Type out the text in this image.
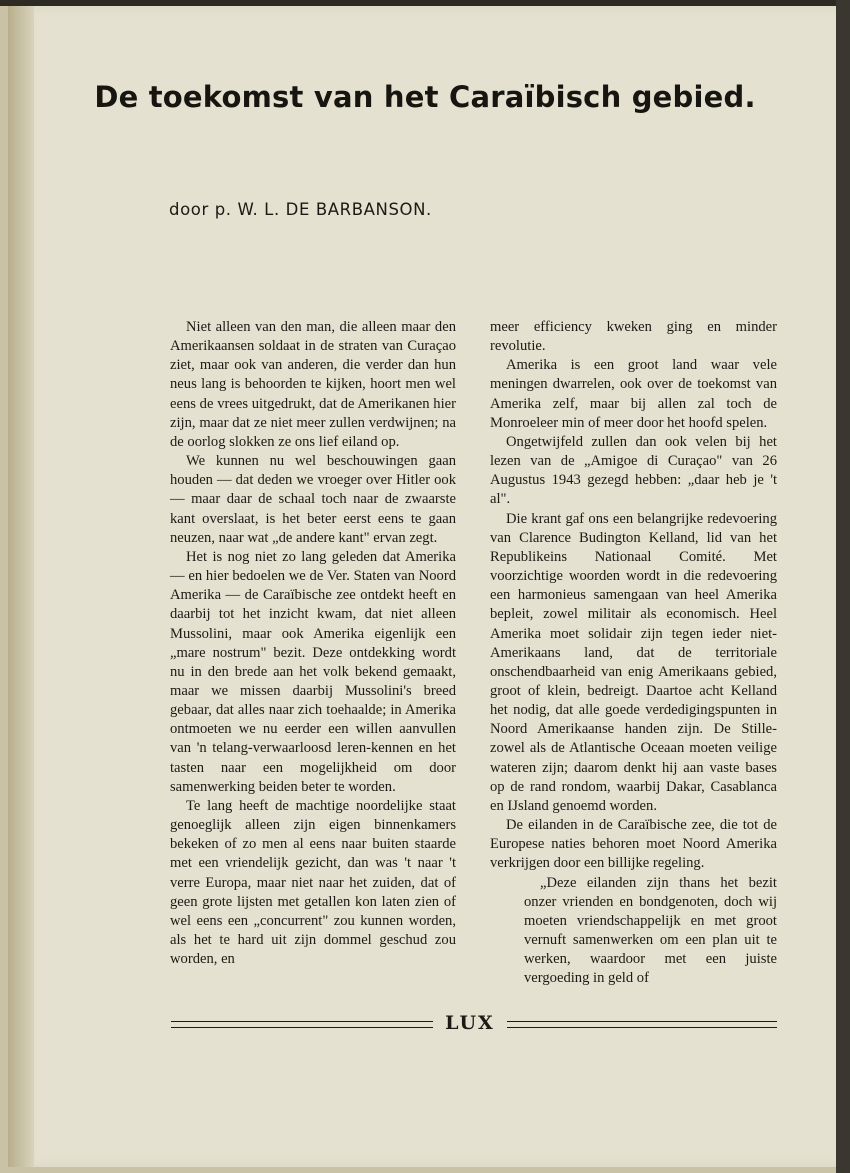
De toekomst van het Caraïbisch gebied.

door p. W. L. DE BARBANSON.

Niet alleen van den man, die alleen maar den Amerikaansen soldaat in de straten van Curaçao ziet, maar ook van anderen, die verder dan hun neus lang is behoorden te kijken, hoort men wel eens de vrees uitgedrukt, dat de Amerikanen hier zijn, maar dat ze niet meer zullen verdwijnen; na de oorlog slokken ze ons lief eiland op.

We kunnen nu wel beschouwingen gaan houden — dat deden we vroeger over Hitler ook — maar daar de schaal toch naar de zwaarste kant overslaat, is het beter eerst eens te gaan neuzen, naar wat „de andere kant" ervan zegt.

Het is nog niet zo lang geleden dat Amerika — en hier bedoelen we de Ver. Staten van Noord Amerika — de Caraïbische zee ontdekt heeft en daarbij tot het inzicht kwam, dat niet alleen Mussolini, maar ook Amerika eigenlijk een „mare nostrum" bezit. Deze ontdekking wordt nu in den brede aan het volk bekend gemaakt, maar we missen daarbij Mussolini's breed gebaar, dat alles naar zich toehaalde; in Amerika ontmoeten we nu eerder een willen aanvullen van 'n telang-verwaarloosd leren-kennen en het tasten naar een mogelijkheid om door samenwerking beiden beter te worden.

Te lang heeft de machtige noordelijke staat genoeglijk alleen zijn eigen binnenkamers bekeken of zo men al eens naar buiten staarde met een vriendelijk gezicht, dan was 't naar 't verre Europa, maar niet naar het zuiden, dat of geen grote lijsten met getallen kon laten zien of wel eens een „concurrent" zou kunnen worden, als het te hard uit zijn dommel geschud zou worden, en

meer efficiency kweken ging en minder revolutie.

Amerika is een groot land waar vele meningen dwarrelen, ook over de toekomst van Amerika zelf, maar bij allen zal toch de Monroeleer min of meer door het hoofd spelen.

Ongetwijfeld zullen dan ook velen bij het lezen van de „Amigoe di Curaçao" van 26 Augustus 1943 gezegd hebben: „daar heb je 't al".

Die krant gaf ons een belangrijke redevoering van Clarence Budington Kelland, lid van het Republikeins Nationaal Comité. Met voorzichtige woorden wordt in die redevoering een harmonieus samengaan van heel Amerika bepleit, zowel militair als economisch. Heel Amerika moet solidair zijn tegen ieder niet-Amerikaans land, dat de territoriale onschendbaarheid van enig Amerikaans gebied, groot of klein, bedreigt. Daartoe acht Kelland het nodig, dat alle goede verdedigingspunten in Noord Amerikaanse handen zijn. De Stille- zowel als de Atlantische Oceaan moeten veilige wateren zijn; daarom denkt hij aan vaste bases op de rand rondom, waarbij Dakar, Casablanca en IJsland genoemd worden.

De eilanden in de Caraïbische zee, die tot de Europese naties behoren moet Noord Amerika verkrijgen door een billijke regeling.

„Deze eilanden zijn thans het bezit onzer vrienden en bondgenoten, doch wij moeten vriendschappelijk en met groot vernuft samenwerken om een plan uit te werken, waardoor met een juiste vergoeding in geld of

LUX
